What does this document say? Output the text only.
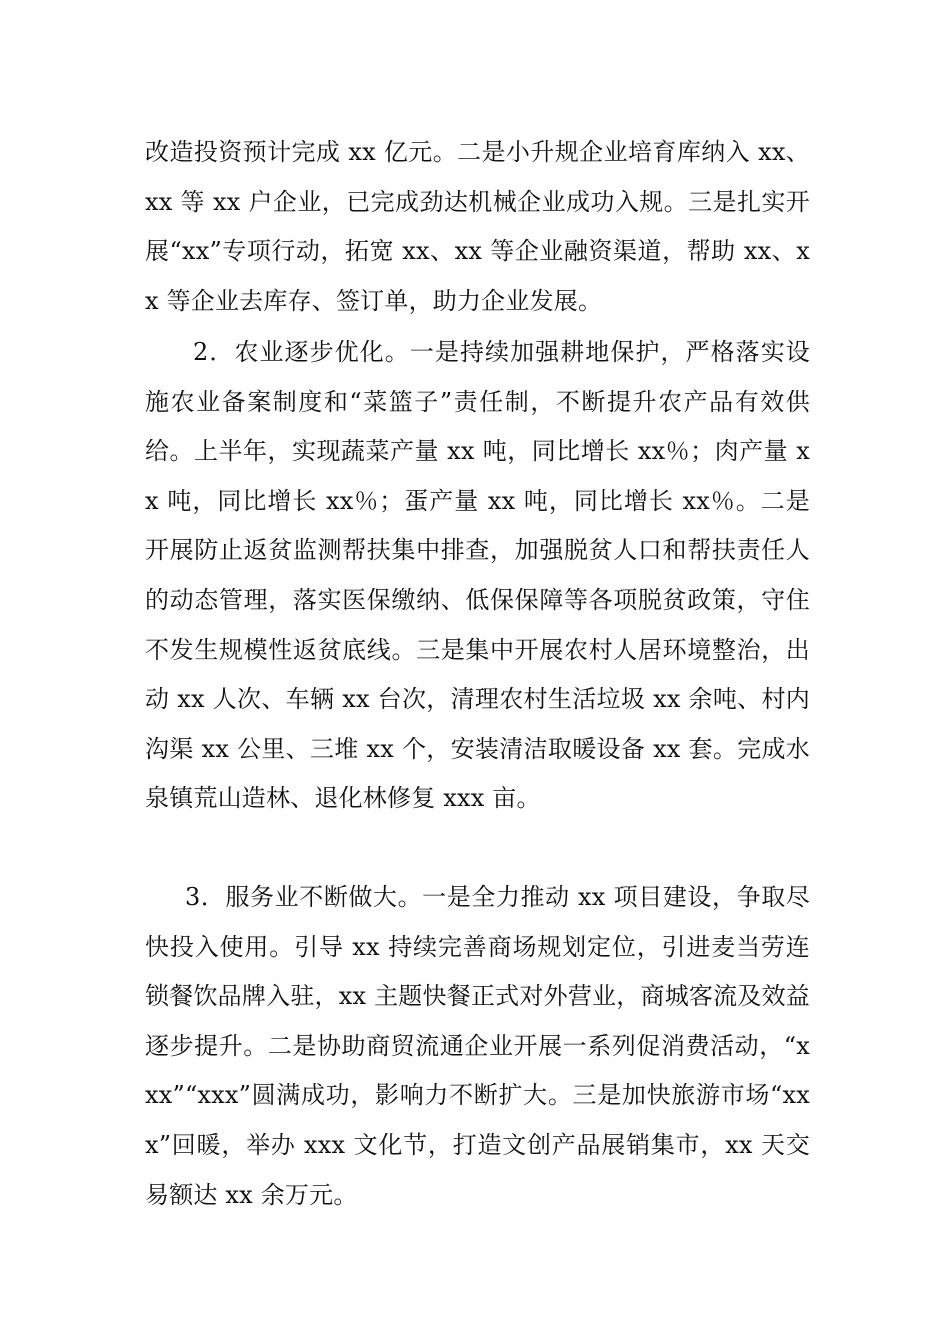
改造投资预计完成 xx 亿元。二是小升规企业培育库纳入 xx、xx 等 xx 户企业，已完成劲达机械企业成功入规。三是扎实开展“xx”专项行动，拓宽 xx、xx 等企业融资渠道，帮助 xx、xx 等企业去库存、签订单，助力企业发展。
2．农业逐步优化。一是持续加强耕地保护，严格落实设施农业备案制度和“菜篮子”责任制，不断提升农产品有效供给。上半年，实现蔬菜产量 xx 吨，同比增长 xx％；肉产量 xx 吨，同比增长 xx％；蛋产量 xx 吨，同比增长 xx％。二是开展防止返贫监测帮扶集中排查，加强脱贫人口和帮扶责任人的动态管理，落实医保缴纳、低保保障等各项脱贫政策，守住不发生规模性返贫底线。三是集中开展农村人居环境整治，出动 xx 人次、车辆 xx 台次，清理农村生活垃圾 xx 余吨、村内沟渠 xx 公里、三堆 xx 个，安装清洁取暖设备 xx 套。完成水泉镇荒山造林、退化林修复 xxx 亩。
3．服务业不断做大。一是全力推动 xx 项目建设，争取尽快投入使用。引导 xx 持续完善商场规划定位，引进麦当劳连锁餐饮品牌入驻，xx 主题快餐正式对外营业，商城客流及效益逐步提升。二是协助商贸流通企业开展一系列促消费活动，“xxx”“xxx”圆满成功，影响力不断扩大。三是加快旅游市场“xxx”回暖，举办 xxx 文化节，打造文创产品展销集市，xx 天交易额达 xx 余万元。
